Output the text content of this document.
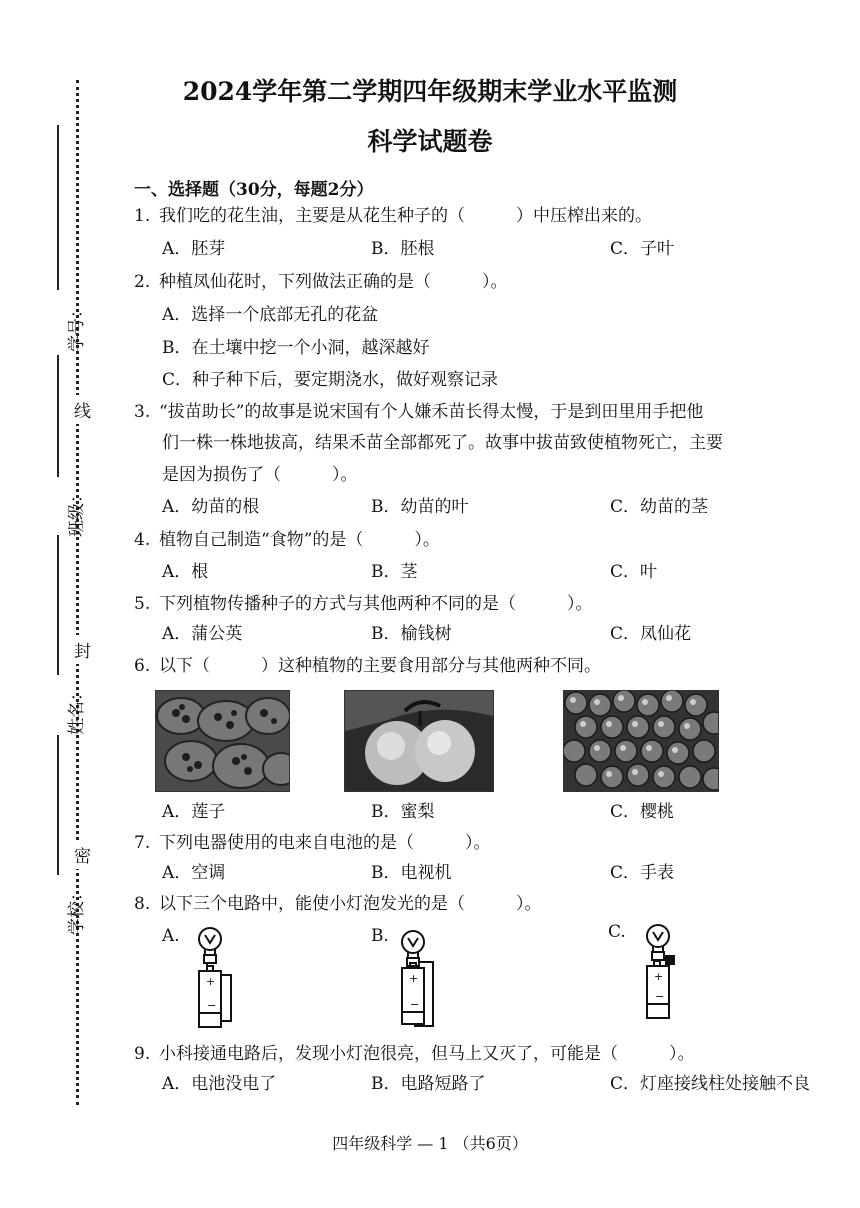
线
封
密
学号：
班级：
姓名：
学校：
2024学年第二学期四年级期末学业水平监测
科学试题卷
一、选择题（30分，每题2分）
1. 我们吃的花生油，主要是从花生种子的（　　　）中压榨出来的。
A．胚芽	B．胚根	C．子叶
2. 种植凤仙花时，下列做法正确的是（　　　）。
A．选择一个底部无孔的花盆
B．在土壤中挖一个小洞，越深越好
C．种子种下后，要定期浇水，做好观察记录
3. “拔苗助长”的故事是说宋国有个人嫌禾苗长得太慢，于是到田里用手把他
们一株一株地拔高，结果禾苗全部都死了。故事中拔苗致使植物死亡，主要
是因为损伤了（　　　）。
A．幼苗的根	B．幼苗的叶	C．幼苗的茎
4. 植物自己制造“食物”的是（　　　）。
A．根	B．茎	C．叶
5. 下列植物传播种子的方式与其他两种不同的是（　　　）。
A．蒲公英	B．榆钱树	C．凤仙花
6. 以下（　　　）这种植物的主要食用部分与其他两种不同。
A．莲子	B．蜜梨	C．樱桃
7. 下列电器使用的电来自电池的是（　　　）。
A．空调	B．电视机	C．手表
8. 以下三个电路中，能使小灯泡发光的是（　　　）。
A.	B.	C.
+
−
+
−
+
−
9. 小科接通电路后，发现小灯泡很亮，但马上又灭了，可能是（　　　）。
A．电池没电了	B．电路短路了	C．灯座接线柱处接触不良
四年级科学 — 1 （共6页）
